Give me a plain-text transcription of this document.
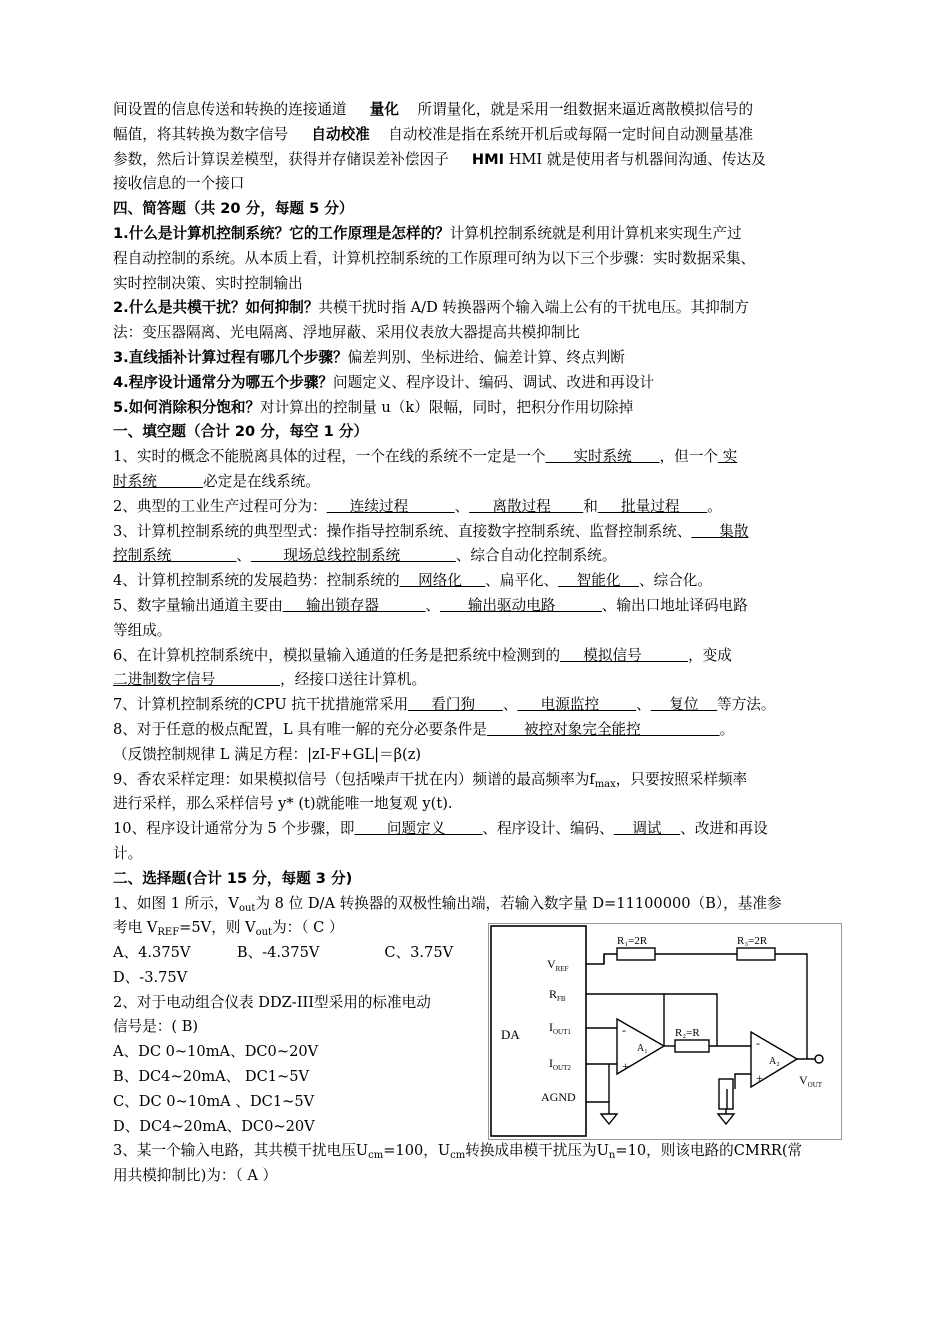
间设置的信息传送和转换的连接通道 量化 所谓量化，就是采用一组数据来逼近离散模拟信号的
幅值，将其转换为数字信号 自动校准 自动校准是指在系统开机后或每隔一定时间自动测量基准
参数，然后计算误差模型，获得并存储误差补偿因子 HMI HMI 就是使用者与机器间沟通、传达及
接收信息的一个接口

四、简答题（共 20 分，每题 5 分）

1.什么是计算机控制系统？它的工作原理是怎样的？计算机控制系统就是利用计算机来实现生产过
程自动控制的系统。从本质上看，计算机控制系统的工作原理可纳为以下三个步骤：实时数据采集、
实时控制决策、实时控制输出

2.什么是共模干扰？如何抑制？共模干扰时指 A/D 转换器两个输入端上公有的干扰电压。其抑制方
法：变压器隔离、光电隔离、浮地屏蔽、采用仪表放大器提高共模抑制比

3.直线插补计算过程有哪几个步骤？偏差判别、坐标进给、偏差计算、终点判断

4.程序设计通常分为哪五个步骤？问题定义、程序设计、编码、调试、改进和再设计

5.如何消除积分饱和？对计算出的控制量 u（k）限幅，同时，把积分作用切除掉

一、填空题（合计 20 分，每空 1 分）

1、实时的概念不能脱离具体的过程，一个在线的系统不一定是一个      实时系统      ，但一个 实
时系统          必定是在线系统。

2、典型的工业生产过程可分为：     连续过程          、     离散过程       和     批量过程      。

3、计算机控制系统的典型型式：操作指导控制系统、直接数字控制系统、监督控制系统、      集散
控制系统              、       现场总线控制系统            、综合自动化控制系统。

4、计算机控制系统的发展趋势：控制系统的    网络化     、扁平化、    智能化    、综合化。

5、数字量输出通道主要由     输出锁存器          、      输出驱动电路          、输出口地址译码电路
等组成。

6、在计算机控制系统中，模拟量输入通道的任务是把系统中检测到的     模拟信号          ，变成
二进制数字信号              ，经接口送往计算机。

7、计算机控制系统的CPU 抗干扰措施常采用     看门狗      、     电源监控        、    复位    等方法。

8、对于任意的极点配置，L 具有唯一解的充分必要条件是        被控对象完全能控                 。
（反馈控制规律 L 满足方程：|zI-F+GL|＝β(z)

9、香农采样定理：如果模拟信号（包括噪声干扰在内）频谱的最高频率为$f_{max}$，只要按照采样频率
进行采样，那么采样信号 y* (t)就能唯一地复观 y(t).

10、程序设计通常分为 5 个步骤，即       问题定义        、程序设计、编码、    调试    、改进和再设
计。

二、选择题(合计 15 分，每题 3 分)

1、如图 1 所示，$V_{out}$为 8 位 D/A 转换器的双极性输出端，若输入数字量 D=11100000（B），基准参
考电 $V_{REF}=5V$，则 $V_{out}$为：（ C ）

A、4.375V          B、-4.375V              C、3.75V

D、-3.75V

2、对于电动组合仪表 DDZ-III型采用的标准电动
信号是：( B)

A、DC 0~10mA、DC0~20V

B、DC4~20mA、 DC1~5V

C、DC 0~10mA 、DC1~5V

D、DC4~20mA、DC0~20V

3、某一个输入电路，其共模干扰电压$U_{cm}=100$，$U_{cm}$转换成串模干扰压为$U_n=10$，则该电路的CMRR(常
用共模抑制比)为：（ A ）

DA
$V_{REF}$
$R_{FB}$
$I_{OUT1}$
$I_{OUT2}$
AGND
R₁=2R	R₃=2R
-
+
A₁
R₂=R
-
+
A₂
$V_{OUT}$
